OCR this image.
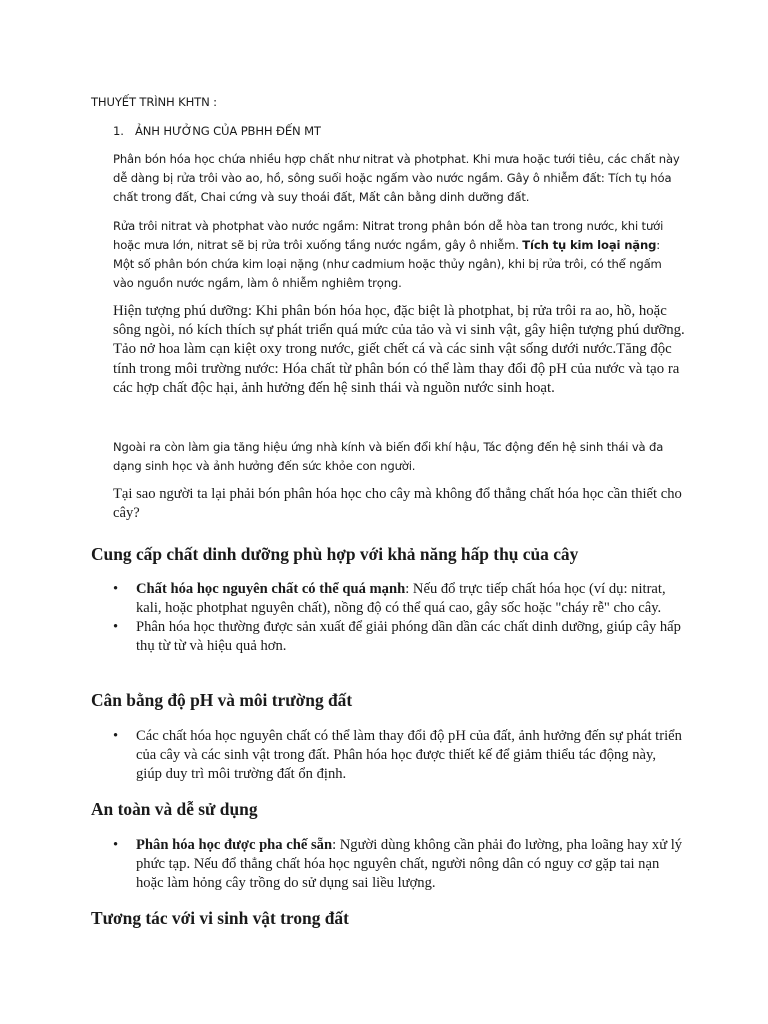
THUYẾT TRÌNH KHTN :

1. ẢNH HƯỞNG CỦA PBHH ĐẾN MT

Phân bón hóa học chứa nhiều hợp chất như nitrat và photphat. Khi mưa hoặc tưới tiêu, các chất này dễ dàng bị rửa trôi vào ao, hồ, sông suối hoặc ngấm vào nước ngầm. Gây ô nhiễm đất: Tích tụ hóa chất trong đất, Chai cứng và suy thoái đất, Mất cân bằng dinh dưỡng đất.

Rửa trôi nitrat và photphat vào nước ngầm: Nitrat trong phân bón dễ hòa tan trong nước, khi tưới hoặc mưa lớn, nitrat sẽ bị rửa trôi xuống tầng nước ngầm, gây ô nhiễm. Tích tụ kim loại nặng: Một số phân bón chứa kim loại nặng (như cadmium hoặc thủy ngân), khi bị rửa trôi, có thể ngấm vào nguồn nước ngầm, làm ô nhiễm nghiêm trọng.

Hiện tượng phú dưỡng: Khi phân bón hóa học, đặc biệt là photphat, bị rửa trôi ra ao, hồ, hoặc sông ngòi, nó kích thích sự phát triển quá mức của tảo và vi sinh vật, gây hiện tượng phú dưỡng. Tảo nở hoa làm cạn kiệt oxy trong nước, giết chết cá và các sinh vật sống dưới nước.Tăng độc tính trong môi trường nước: Hóa chất từ phân bón có thể làm thay đổi độ pH của nước và tạo ra các hợp chất độc hại, ảnh hưởng đến hệ sinh thái và nguồn nước sinh hoạt.

Ngoài ra còn làm gia tăng hiệu ứng nhà kính và biến đổi khí hậu, Tác động đến hệ sinh thái và đa dạng sinh học và ảnh hưởng đến sức khỏe con người.

Tại sao người ta lại phải bón phân hóa học cho cây mà không đổ thẳng chất hóa học cần thiết cho cây?

Cung cấp chất dinh dưỡng phù hợp với khả năng hấp thụ của cây
• Chất hóa học nguyên chất có thể quá mạnh: Nếu đổ trực tiếp chất hóa học (ví dụ: nitrat, kali, hoặc photphat nguyên chất), nồng độ có thể quá cao, gây sốc hoặc "cháy rễ" cho cây.
• Phân hóa học thường được sản xuất để giải phóng dần dần các chất dinh dưỡng, giúp cây hấp thụ từ từ và hiệu quả hơn.
Cân bằng độ pH và môi trường đất
• Các chất hóa học nguyên chất có thể làm thay đổi độ pH của đất, ảnh hưởng đến sự phát triển của cây và các sinh vật trong đất. Phân hóa học được thiết kế để giảm thiểu tác động này, giúp duy trì môi trường đất ổn định.
An toàn và dễ sử dụng
• Phân hóa học được pha chế sẵn: Người dùng không cần phải đo lường, pha loãng hay xử lý phức tạp. Nếu đổ thẳng chất hóa học nguyên chất, người nông dân có nguy cơ gặp tai nạn hoặc làm hỏng cây trồng do sử dụng sai liều lượng.
Tương tác với vi sinh vật trong đất
